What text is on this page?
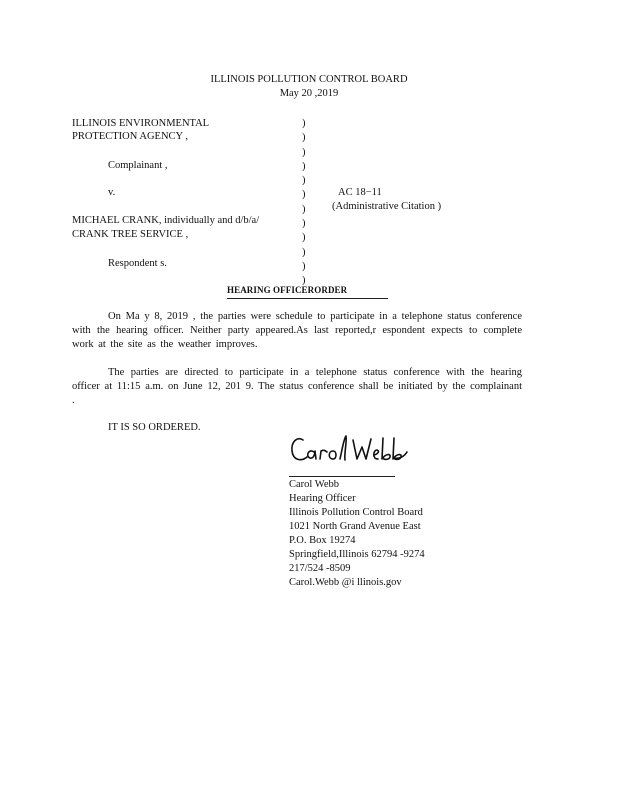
ILLINOIS POLLUTION CONTROL BOARD
May 20 ,2019
ILLINOIS ENVIRONMENTAL
PROTECTION AGENCY ,
Complainant ,
v.
MICHAEL CRANK, individually and d/b/a/
CRANK TREE SERVICE ,
Respondent s.
)
)
)
)
)
)
)
)
)
)
)
)
AC 18−11
(Administrative Citation )
HEARING OFFICERORDER
On Ma y 8, 2019 , the parties were schedule to participate in a telephone status conference with the hearing officer. Neither party appeared.As last reported,r espondent expects to complete work at the site as the weather improves.
The parties are directed to participate in a telephone status conference with the hearing officer at 11:15 a.m. on June 12, 201 9. The status conference shall be initiated by the complainant .
IT IS SO ORDERED.
Carol Webb
Hearing Officer
Illinois Pollution Control Board
1021 North Grand Avenue East
P.O. Box 19274
Springfield,Illinois 62794 -9274
217/524 -8509
Carol.Webb @i llinois.gov
